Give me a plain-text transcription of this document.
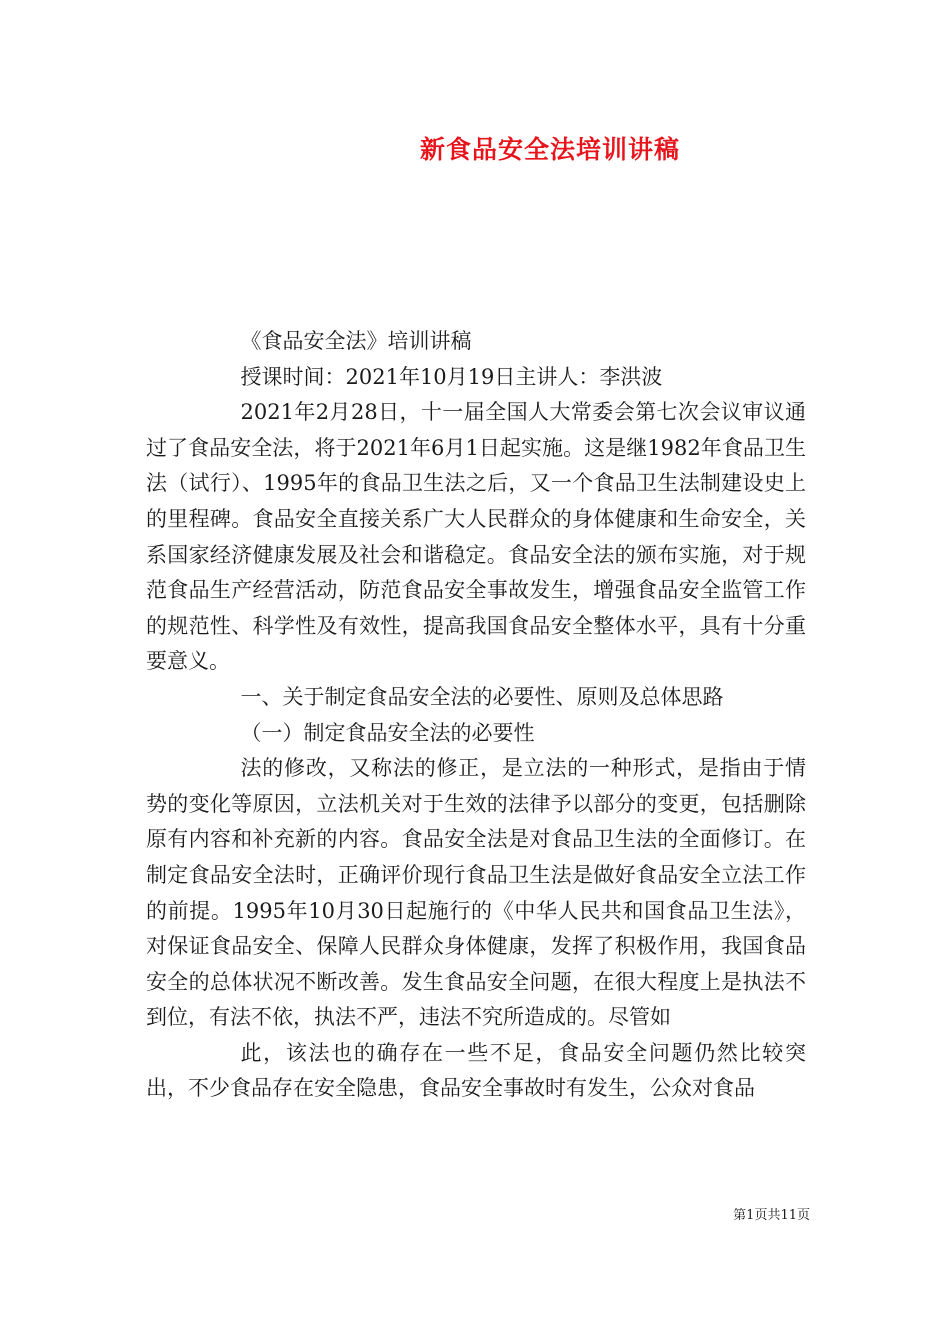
新食品安全法培训讲稿

《食品安全法》培训讲稿

授课时间：2021年10月19日主讲人：李洪波

2021年2月28日，十一届全国人大常委会第七次会议审议通过了食品安全法，将于2021年6月1日起实施。这是继1982年食品卫生法（试行）、1995年的食品卫生法之后，又一个食品卫生法制建设史上的里程碑。食品安全直接关系广大人民群众的身体健康和生命安全，关系国家经济健康发展及社会和谐稳定。食品安全法的颁布实施，对于规范食品生产经营活动，防范食品安全事故发生，增强食品安全监管工作的规范性、科学性及有效性，提高我国食品安全整体水平，具有十分重要意义。

一、关于制定食品安全法的必要性、原则及总体思路

（一）制定食品安全法的必要性

法的修改，又称法的修正，是立法的一种形式，是指由于情势的变化等原因，立法机关对于生效的法律予以部分的变更，包括删除原有内容和补充新的内容。食品安全法是对食品卫生法的全面修订。在制定食品安全法时，正确评价现行食品卫生法是做好食品安全立法工作的前提。1995年10月30日起施行的《中华人民共和国食品卫生法》，对保证食品安全、保障人民群众身体健康，发挥了积极作用，我国食品安全的总体状况不断改善。发生食品安全问题，在很大程度上是执法不到位，有法不依，执法不严，违法不究所造成的。尽管如

此，该法也的确存在一些不足，食品安全问题仍然比较突出，不少食品存在安全隐患，食品安全事故时有发生，公众对食品

第1页共11页
